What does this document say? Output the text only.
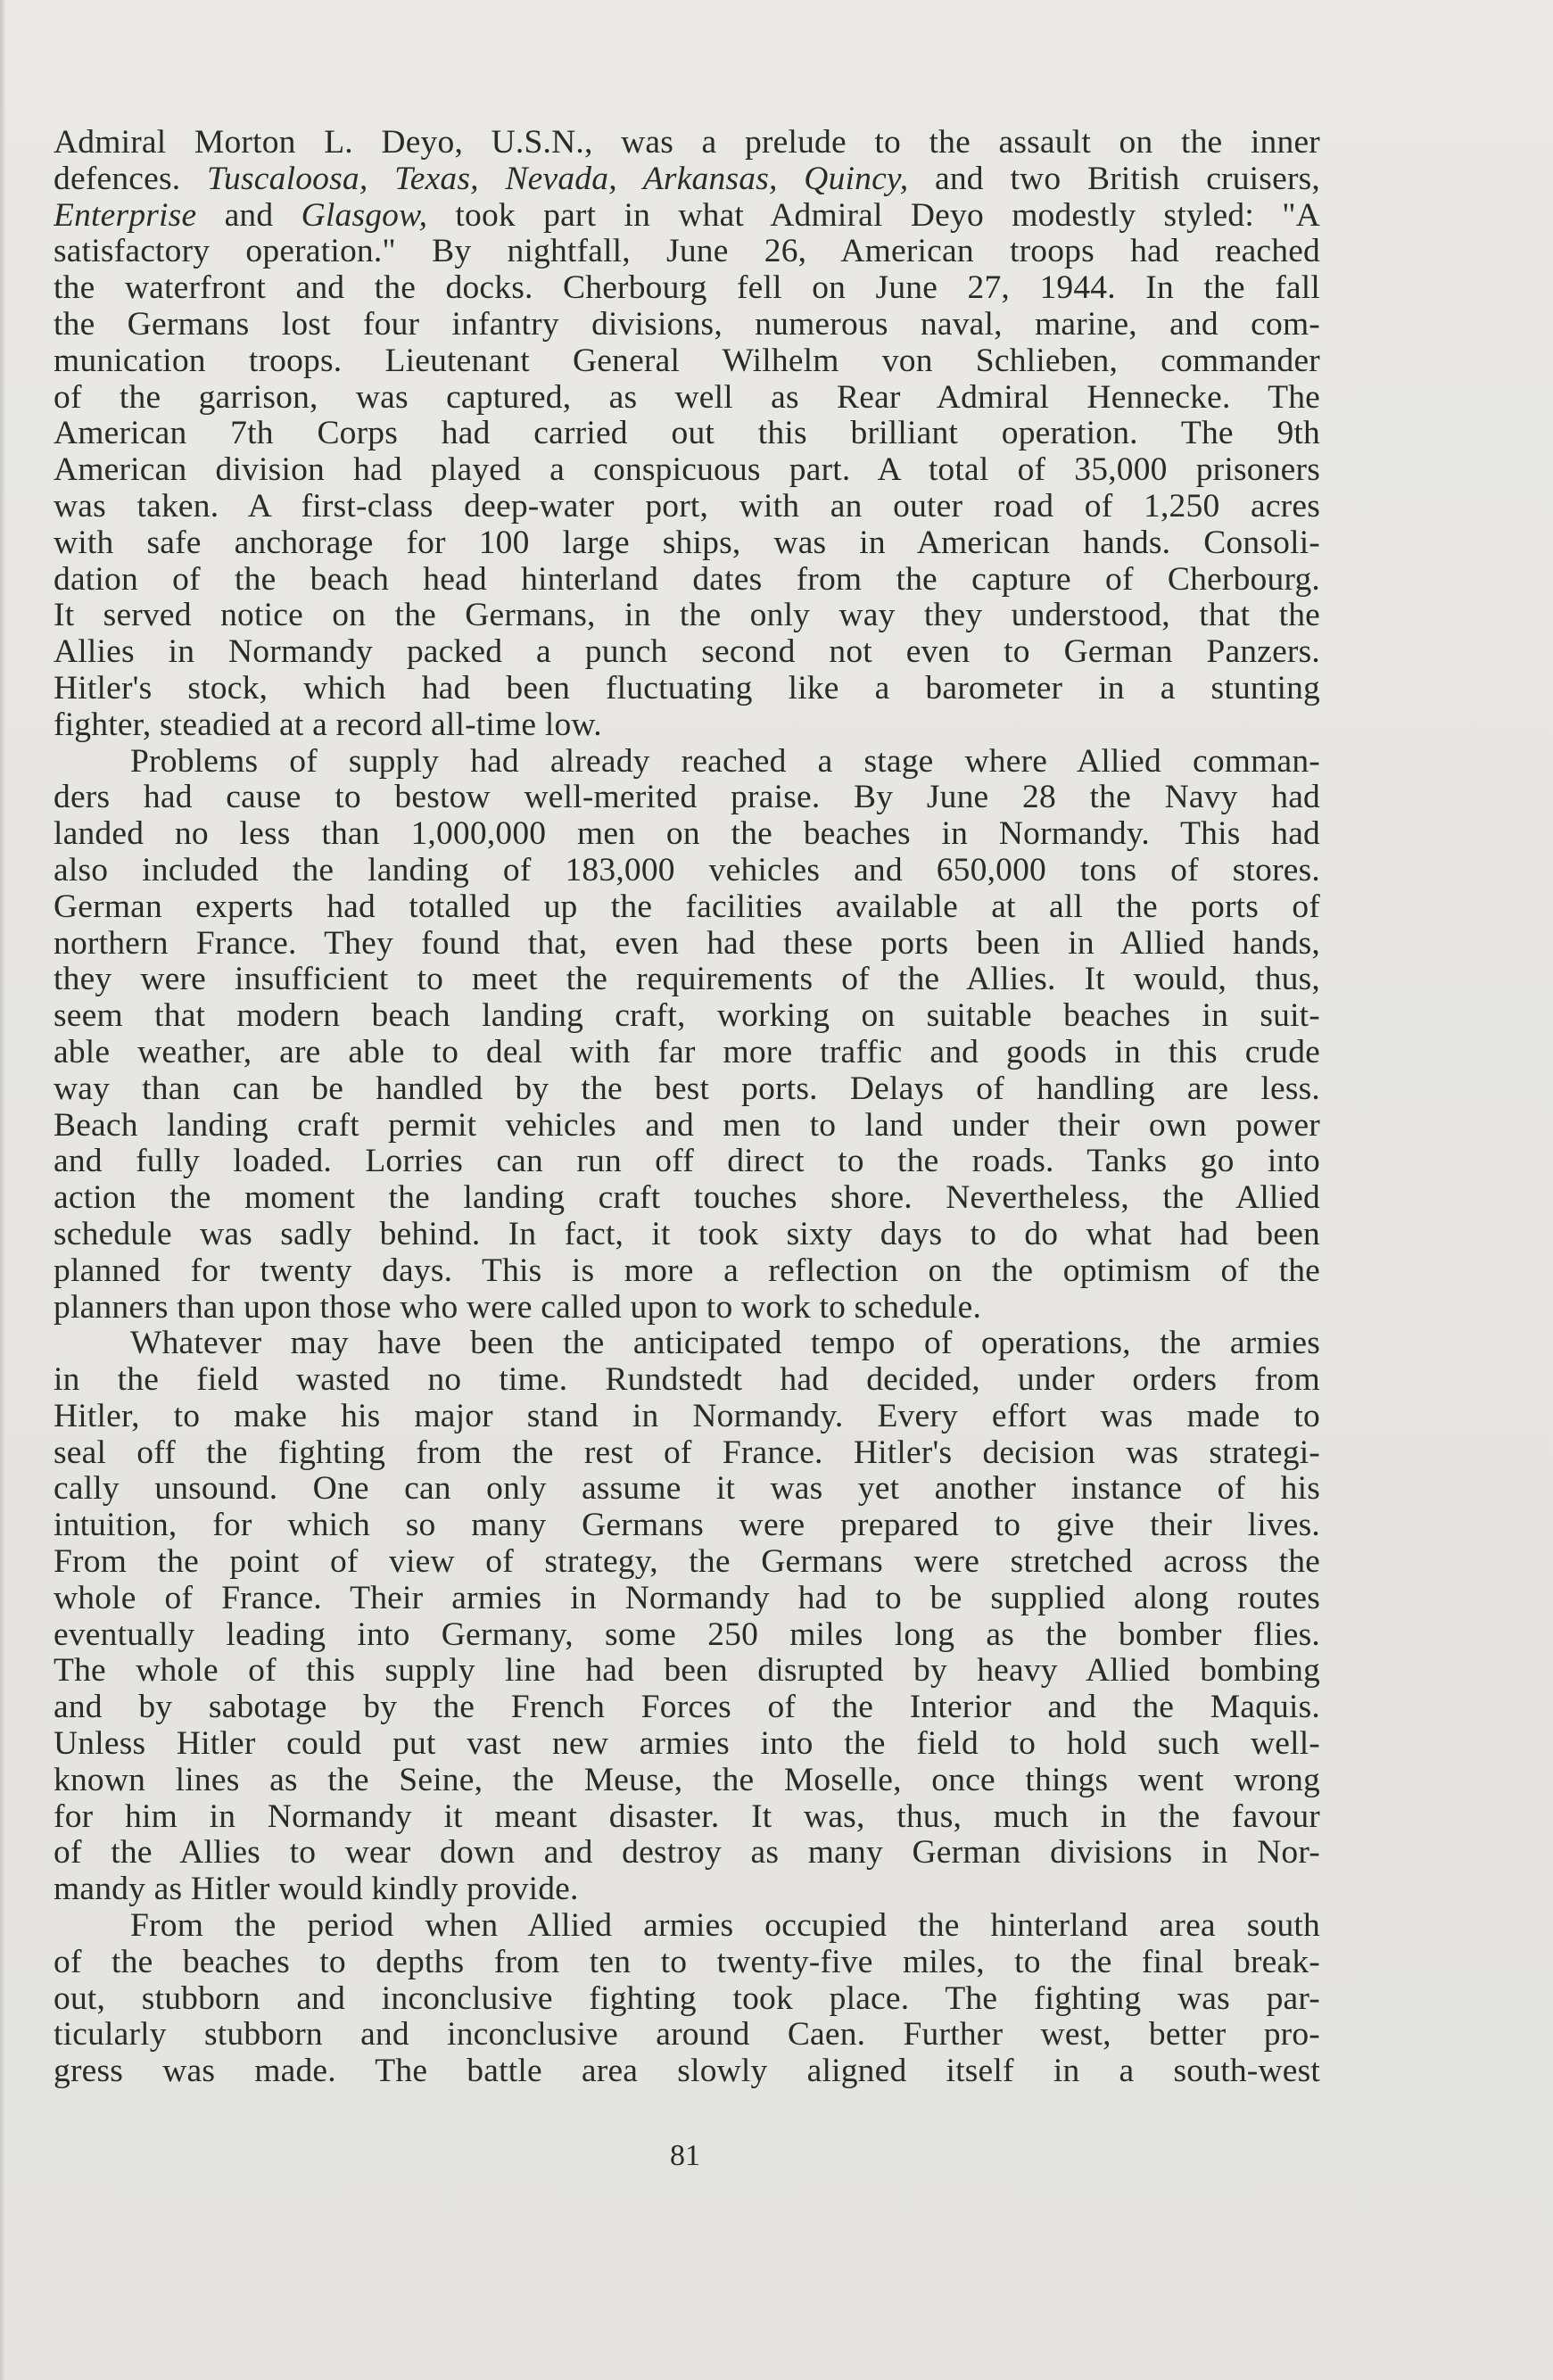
Admiral Morton L. Deyo, U.S.N., was a prelude to the assault on the inner
defences. Tuscaloosa, Texas, Nevada, Arkansas, Quincy, and two British cruisers,
Enterprise and Glasgow, took part in what Admiral Deyo modestly styled: "A
satisfactory operation." By nightfall, June 26, American troops had reached
the waterfront and the docks. Cherbourg fell on June 27, 1944. In the fall
the Germans lost four infantry divisions, numerous naval, marine, and com-
munication troops. Lieutenant General Wilhelm von Schlieben, commander
of the garrison, was captured, as well as Rear Admiral Hennecke. The
American 7th Corps had carried out this brilliant operation. The 9th
American division had played a conspicuous part. A total of 35,000 prisoners
was taken. A first-class deep-water port, with an outer road of 1,250 acres
with safe anchorage for 100 large ships, was in American hands. Consoli-
dation of the beach head hinterland dates from the capture of Cherbourg.
It served notice on the Germans, in the only way they understood, that the
Allies in Normandy packed a punch second not even to German Panzers.
Hitler's stock, which had been fluctuating like a barometer in a stunting
fighter, steadied at a record all-time low.
Problems of supply had already reached a stage where Allied comman-
ders had cause to bestow well-merited praise. By June 28 the Navy had
landed no less than 1,000,000 men on the beaches in Normandy. This had
also included the landing of 183,000 vehicles and 650,000 tons of stores.
German experts had totalled up the facilities available at all the ports of
northern France. They found that, even had these ports been in Allied hands,
they were insufficient to meet the requirements of the Allies. It would, thus,
seem that modern beach landing craft, working on suitable beaches in suit-
able weather, are able to deal with far more traffic and goods in this crude
way than can be handled by the best ports. Delays of handling are less.
Beach landing craft permit vehicles and men to land under their own power
and fully loaded. Lorries can run off direct to the roads. Tanks go into
action the moment the landing craft touches shore. Nevertheless, the Allied
schedule was sadly behind. In fact, it took sixty days to do what had been
planned for twenty days. This is more a reflection on the optimism of the
planners than upon those who were called upon to work to schedule.
Whatever may have been the anticipated tempo of operations, the armies
in the field wasted no time. Rundstedt had decided, under orders from
Hitler, to make his major stand in Normandy. Every effort was made to
seal off the fighting from the rest of France. Hitler's decision was strategi-
cally unsound. One can only assume it was yet another instance of his
intuition, for which so many Germans were prepared to give their lives.
From the point of view of strategy, the Germans were stretched across the
whole of France. Their armies in Normandy had to be supplied along routes
eventually leading into Germany, some 250 miles long as the bomber flies.
The whole of this supply line had been disrupted by heavy Allied bombing
and by sabotage by the French Forces of the Interior and the Maquis.
Unless Hitler could put vast new armies into the field to hold such well-
known lines as the Seine, the Meuse, the Moselle, once things went wrong
for him in Normandy it meant disaster. It was, thus, much in the favour
of the Allies to wear down and destroy as many German divisions in Nor-
mandy as Hitler would kindly provide.
From the period when Allied armies occupied the hinterland area south
of the beaches to depths from ten to twenty-five miles, to the final break-
out, stubborn and inconclusive fighting took place. The fighting was par-
ticularly stubborn and inconclusive around Caen. Further west, better pro-
gress was made. The battle area slowly aligned itself in a south-west
81
